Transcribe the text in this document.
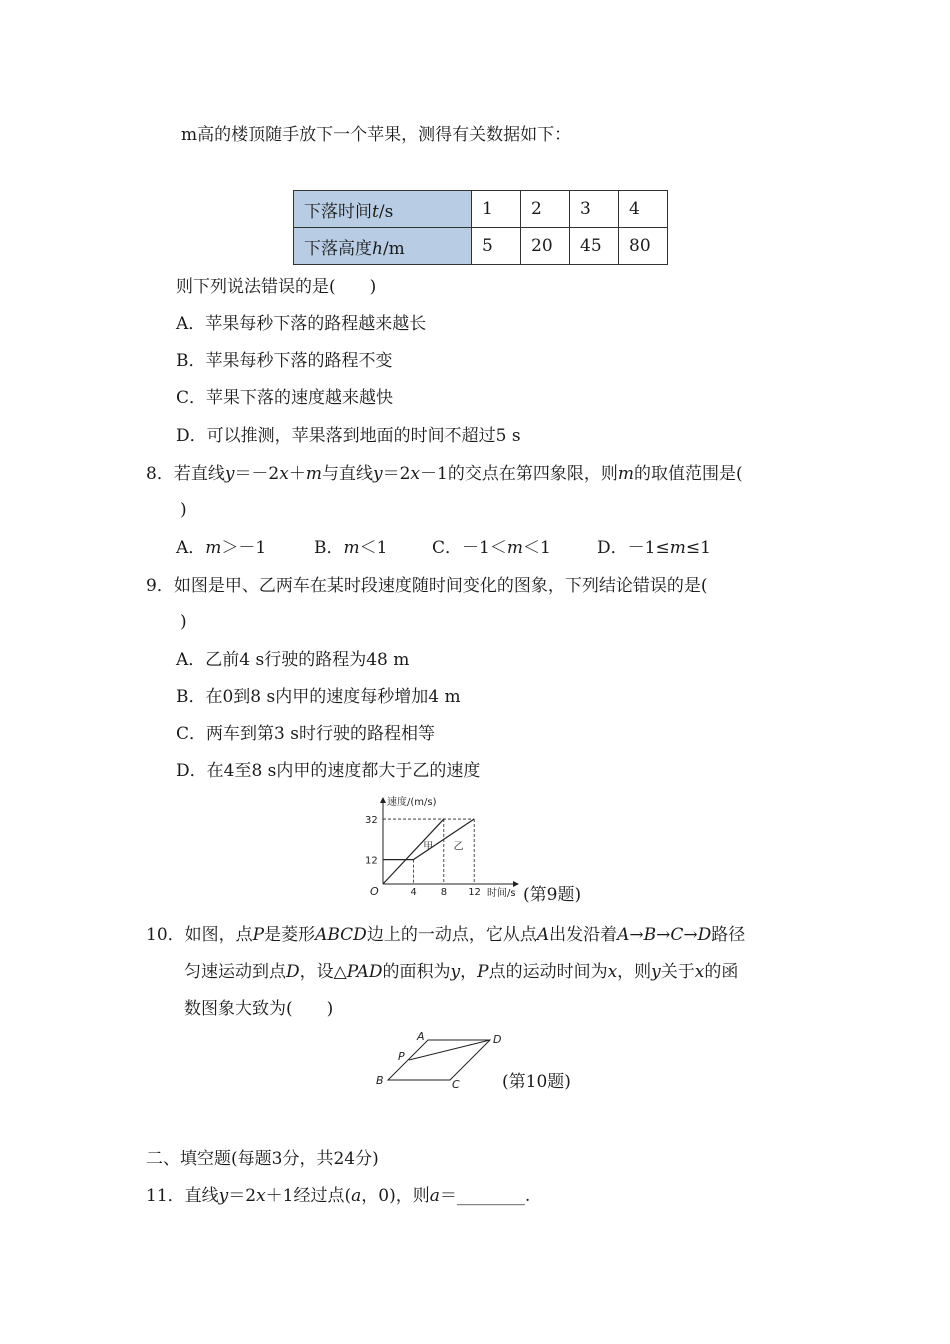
m高的楼顶随手放下一个苹果，测得有关数据如下：
下落时间t/s	1	2	3	4
下落高度h/m	5	20	45	80
则下列说法错误的是(　　)
A．苹果每秒下落的路程越来越长
B．苹果每秒下落的路程不变
C．苹果下落的速度越来越快
D．可以推测，苹果落到地面的时间不超过5 s
8．若直线y＝－2x＋m与直线y＝2x－1的交点在第四象限，则m的取值范围是(
)
A．m＞－1	B．m＜1	C．－1＜m＜1	D．－1≤m≤1
9．如图是甲、乙两车在某时段速度随时间变化的图象，下列结论错误的是(
)
A．乙前4 s行驶的路程为48 m
B．在0到8 s内甲的速度每秒增加4 m
C．两车到第3 s时行驶的路程相等
D．在4至8 s内甲的速度都大于乙的速度
速度/(m/s)
时间/s
O
甲 乙
4 8 12
12
32
(第9题)
10．如图，点P是菱形ABCD边上的一动点，它从点A出发沿着A→B→C→D路径
匀速运动到点D，设△PAD的面积为y，P点的运动时间为x，则y关于x的函
数图象大致为(　　)
A	D
P
B	C (第10题)
二、填空题(每题3分，共24分)
11．直线y＝2x＋1经过点(a，0)，则a＝________.
